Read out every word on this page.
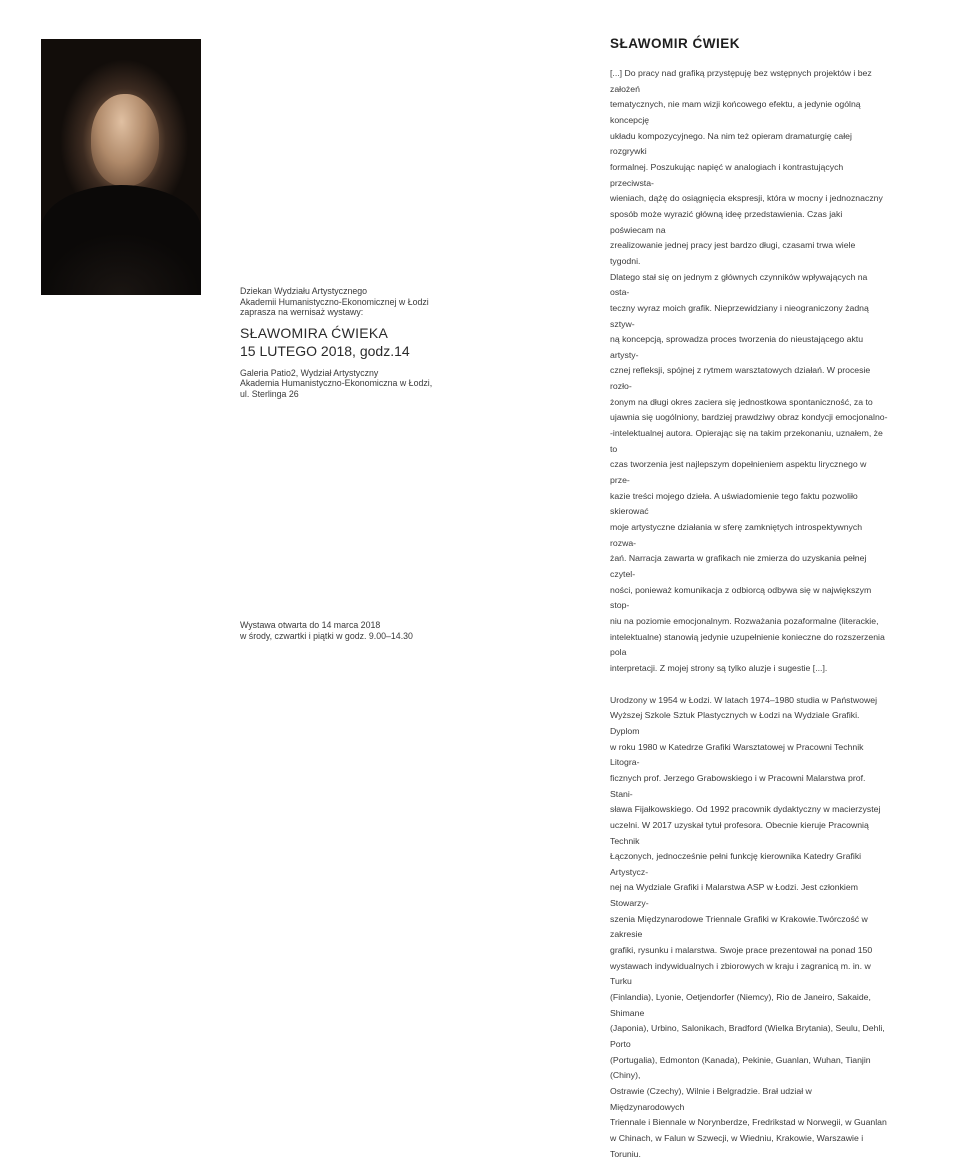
Dziekan Wydziału Artystycznego

Akademii Humanistyczno-Ekonomicznej w Łodzi

zaprasza na wernisaż wystawy:

SŁAWOMIRA ĆWIEKA

15 LUTEGO 2018, godz.14

Galeria Patio2, Wydział Artystyczny

Akademia Humanistyczno-Ekonomiczna w Łodzi,

ul. Sterlinga 26

Wystawa otwarta do 14 marca 2018

w środy, czwartki i piątki w godz. 9.00–14.30

SŁAWOMIR ĆWIEK
[...] Do pracy nad grafiką przystępuję bez wstępnych projektów i bez założeń
tematycznych, nie mam wizji końcowego efektu, a jedynie ogólną koncepcję
układu kompozycyjnego. Na nim też opieram dramaturgię całej rozgrywki
formalnej. Poszukując napięć w analogiach i kontrastujących przeciwsta-
wieniach, dążę do osiągnięcia ekspresji, która w mocny i jednoznaczny
sposób może wyrazić główną ideę przedstawienia. Czas jaki poświecam na
zrealizowanie jednej pracy jest bardzo długi, czasami trwa wiele tygodni.
Dlatego stał się on jednym z głównych czynników wpływających na osta-
teczny wyraz moich grafik. Nieprzewidziany i nieograniczony żadną sztyw-
ną koncepcją, sprowadza proces tworzenia do nieustającego aktu artysty-
cznej refleksji, spójnej z rytmem warsztatowych działań. W procesie rozło-
żonym na długi okres zaciera się jednostkowa spontaniczność, za to
ujawnia się uogólniony, bardziej prawdziwy obraz kondycji emocjonalno-
-intelektualnej autora. Opierając się na takim przekonaniu, uznałem, że to
czas tworzenia jest najlepszym dopełnieniem aspektu lirycznego w prze-
kazie treści mojego dzieła. A uświadomienie tego faktu pozwoliło skierować
moje artystyczne działania w sferę zamkniętych introspektywnych rozwa-
żań. Narracja zawarta w grafikach nie zmierza do uzyskania pełnej czytel-
ności, ponieważ komunikacja z odbiorcą odbywa się w największym stop-
niu na poziomie emocjonalnym. Rozważania pozaformalne (literackie,
intelektualne) stanowią jedynie uzupełnienie konieczne do rozszerzenia pola
interpretacji. Z mojej strony są tylko aluzje i sugestie [...].
Urodzony w 1954 w Łodzi. W latach 1974–1980 studia w Państwowej
Wyższej Szkole Sztuk Plastycznych w Łodzi na Wydziale Grafiki. Dyplom
w roku 1980 w Katedrze Grafiki Warsztatowej w Pracowni Technik Litogra-
ficznych prof. Jerzego Grabowskiego i w Pracowni Malarstwa prof. Stani-
sława Fijałkowskiego. Od 1992 pracownik dydaktyczny w macierzystej
uczelni. W 2017 uzyskał tytuł profesora. Obecnie kieruje Pracownią Technik
Łączonych, jednocześnie pełni funkcję kierownika Katedry Grafiki Artystycz-
nej na Wydziale Grafiki i Malarstwa ASP w Łodzi. Jest członkiem Stowarzy-
szenia Międzynarodowe Triennale Grafiki w Krakowie.Twórczość w zakresie
grafiki, rysunku i malarstwa. Swoje prace prezentował na ponad 150
wystawach indywidualnych i zbiorowych w kraju i zagranicą m. in. w Turku
(Finlandia), Lyonie, Oetjendorfer (Niemcy), Rio de Janeiro, Sakaide, Shimane
(Japonia), Urbino, Salonikach, Bradford (Wielka Brytania), Seulu, Dehli, Porto
(Portugalia), Edmonton (Kanada), Pekinie, Guanlan, Wuhan, Tianjin (Chiny),
Ostrawie (Czechy), Wilnie i Belgradzie. Brał udział w Międzynarodowych
Triennale i Biennale w Norynberdze, Fredrikstad w Norwegii, w Guanlan
w Chinach, w Falun w Szwecji, w Wiedniu, Krakowie, Warszawie i Toruniu.
